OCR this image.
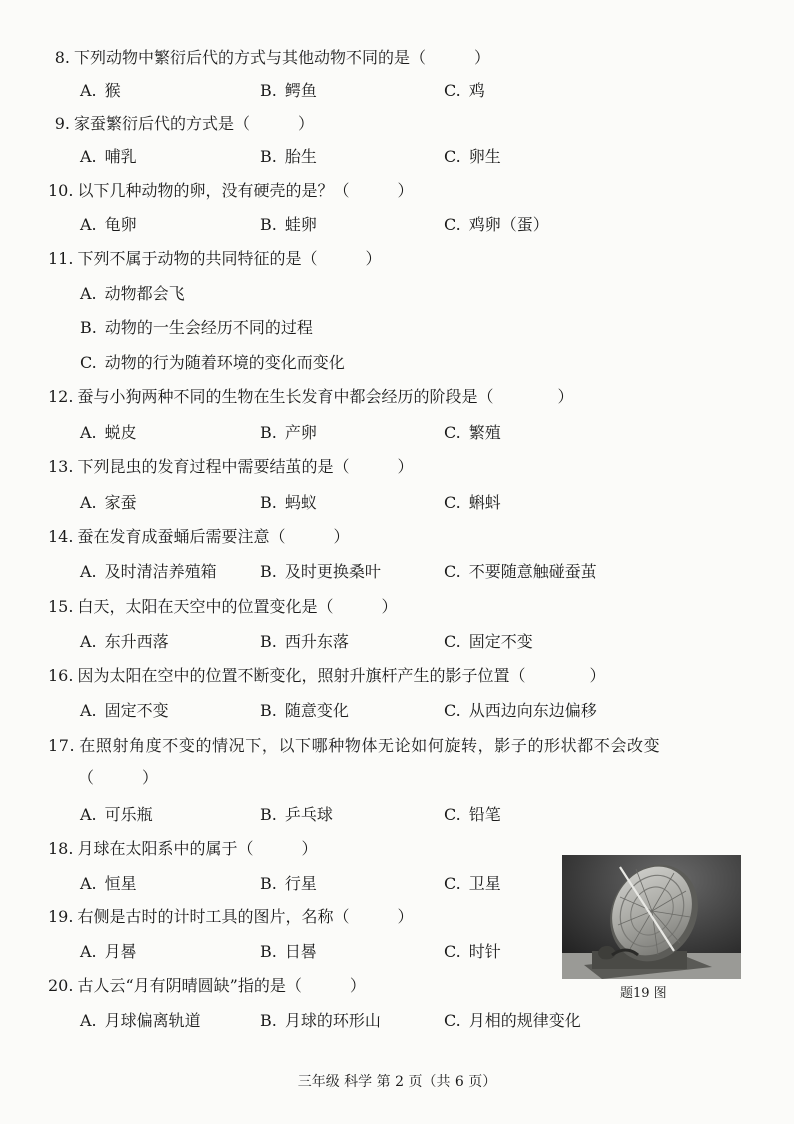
8. 下列动物中繁衍后代的方式与其他动物不同的是（　　　	）
A. 猴	B. 鳄鱼	C. 鸡
9. 家蚕繁衍后代的方式是（　　　	）
A. 哺乳	B. 胎生	C. 卵生
10. 以下几种动物的卵，没有硬壳的是？（　　　	）
A. 龟卵	B. 蛙卵	C. 鸡卵（蛋）
11. 下列不属于动物的共同特征的是（　　　	）
A. 动物都会飞
B. 动物的一生会经历不同的过程
C. 动物的行为随着环境的变化而变化
12. 蚕与小狗两种不同的生物在生长发育中都会经历的阶段是（　　　　	）
A. 蜕皮	B. 产卵	C. 繁殖
13. 下列昆虫的发育过程中需要结茧的是（　　　	）
A. 家蚕	B. 蚂蚁	C. 蝌蚪
14. 蚕在发育成蚕蛹后需要注意（　　　	）
A. 及时清洁养殖箱	B. 及时更换桑叶	C. 不要随意触碰蚕茧
15. 白天，太阳在天空中的位置变化是（　　　	）
A. 东升西落	B. 西升东落	C. 固定不变
16. 因为太阳在空中的位置不断变化，照射升旗杆产生的影子位置（　　　　	）
A. 固定不变	B. 随意变化	C. 从西边向东边偏移
17. 在照射角度不变的情况下，以下哪种物体无论如何旋转，影子的形状都不会改变
（　　　	）
A. 可乐瓶	B. 乒乓球	C. 铅笔
18. 月球在太阳系中的属于（　　　	）
A. 恒星	B. 行星	C. 卫星
19. 右侧是古时的计时工具的图片，名称（　　　	）
A. 月晷	B. 日晷	C. 时针
20. 古人云“月有阴晴圆缺”指的是（　　　	）
A. 月球偏离轨道	B. 月球的环形山	C. 月相的规律变化
题19 图
三年级 科学 第 2 页（共 6 页）
